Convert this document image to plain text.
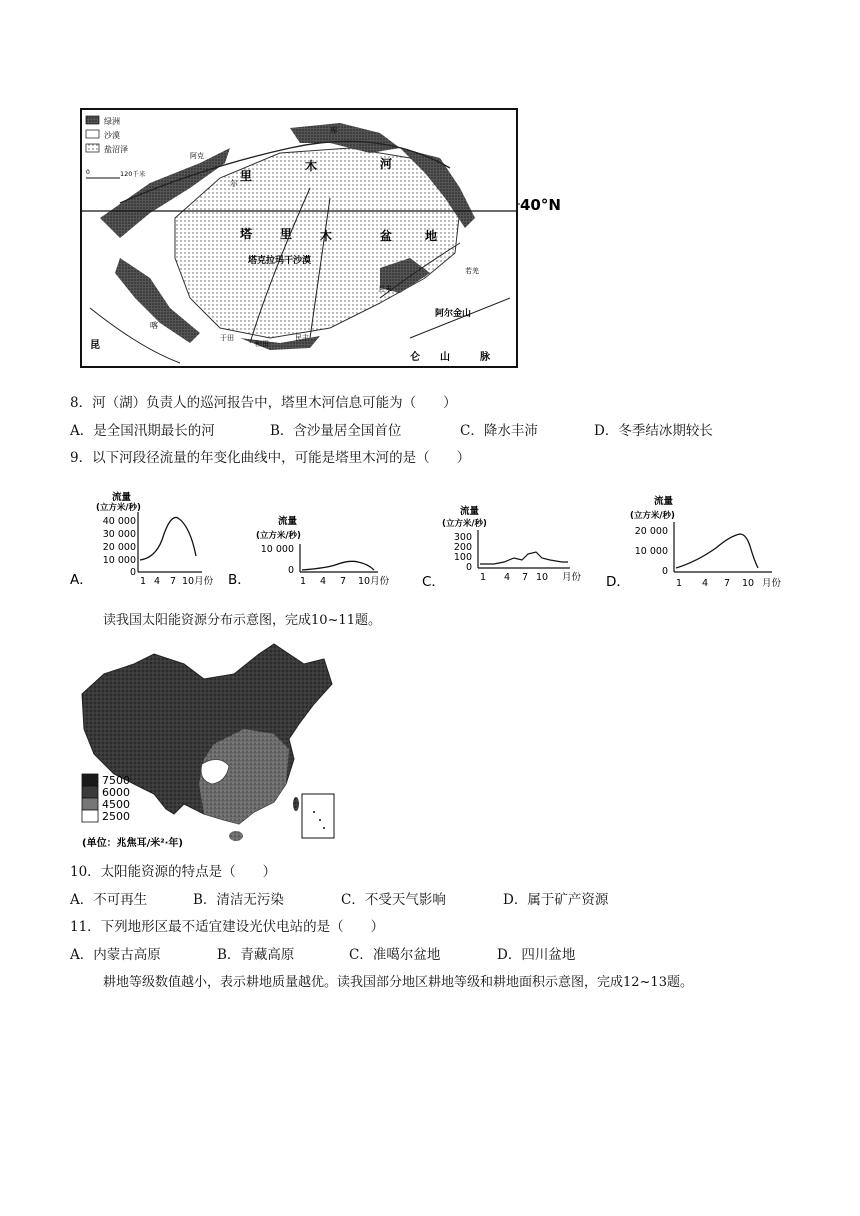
绿洲
沙漠
盐沼泽
0	120千米
40°N
塔 里 木	盆	地
塔克拉玛干沙漠
里
木	河
昆
仑 山	脉
阿尔金山
阿克
喀
库
尔
且末
和田
民丰
于田
若羌
8．河（湖）负责人的巡河报告中，塔里木河信息可能为（　　）
A．是全国汛期最长的河	B．含沙量居全国首位	C．降水丰沛	D．冬季结冰期较长
9．以下河段径流量的年变化曲线中，可能是塔里木河的是（　　）
A．
流量
(立方米/秒)
40 000
30 000
20 000
10 000
0
1 4 7 10月份 B．
流量
(立方米/秒)
10 000
0
1 4 7 10月份 C．
流量
(立方米/秒)
300
200
100
0
1 4 7 10 月份 D．
流量
(立方米/秒)
20 000
10 000
0
1 4 7 10 月份
读我国太阳能资源分布示意图，完成10~11题。
7500
6000
4500
2500
(单位：兆焦耳/米²·年)
10．太阳能资源的特点是（　　）
A．不可再生	B．清洁无污染	C．不受天气影响	D．属于矿产资源
11．下列地形区最不适宜建设光伏电站的是（　　）
A．内蒙古高原	B．青藏高原	C．准噶尔盆地	D．四川盆地
耕地等级数值越小，表示耕地质量越优。读我国部分地区耕地等级和耕地面积示意图，完成12~13题。
